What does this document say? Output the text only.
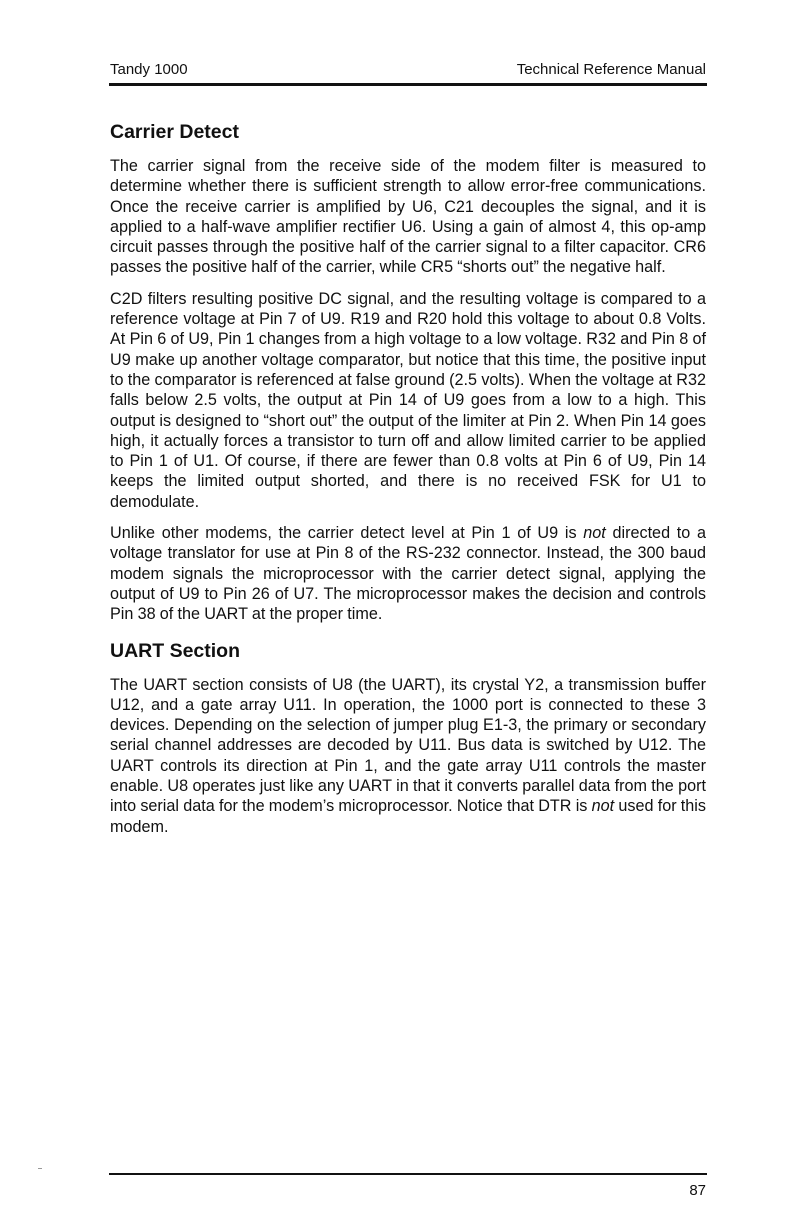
Tandy 1000	Technical Reference Manual
Carrier Detect

The carrier signal from the receive side of the modem filter is measured to determine whether there is sufficient strength to allow error-free communications. Once the receive carrier is amplified by U6, C21 decouples the signal, and it is applied to a half-wave amplifier rectifier U6. Using a gain of almost 4, this op-amp circuit passes through the positive half of the carrier signal to a filter capacitor. CR6 passes the positive half of the carrier, while CR5 “shorts out” the negative half.

C2D filters resulting positive DC signal, and the resulting voltage is compared to a reference voltage at Pin 7 of U9. R19 and R20 hold this voltage to about 0.8 Volts. At Pin 6 of U9, Pin 1 changes from a high voltage to a low voltage. R32 and Pin 8 of U9 make up another voltage comparator, but notice that this time, the positive input to the comparator is referenced at false ground (2.5 volts). When the voltage at R32 falls below 2.5 volts, the output at Pin 14 of U9 goes from a low to a high. This output is designed to “short out” the output of the limiter at Pin 2. When Pin 14 goes high, it actually forces a transistor to turn off and allow limited carrier to be applied to Pin 1 of U1. Of course, if there are fewer than 0.8 volts at Pin 6 of U9, Pin 14 keeps the limited output shorted, and there is no received FSK for U1 to demodulate.

Unlike other modems, the carrier detect level at Pin 1 of U9 is not directed to a voltage translator for use at Pin 8 of the RS-232 connector. Instead, the 300 baud modem signals the microprocessor with the carrier detect signal, applying the output of U9 to Pin 26 of U7. The microprocessor makes the decision and controls Pin 38 of the UART at the proper time.

UART Section

The UART section consists of U8 (the UART), its crystal Y2, a transmission buffer U12, and a gate array U11. In operation, the 1000 port is connected to these 3 devices. Depending on the selection of jumper plug E1-3, the primary or secondary serial channel addresses are decoded by U11. Bus data is switched by U12. The UART controls its direction at Pin 1, and the gate array U11 controls the master enable. U8 operates just like any UART in that it converts parallel data from the port into serial data for the modem’s microprocessor. Notice that DTR is not used for this modem.

87
